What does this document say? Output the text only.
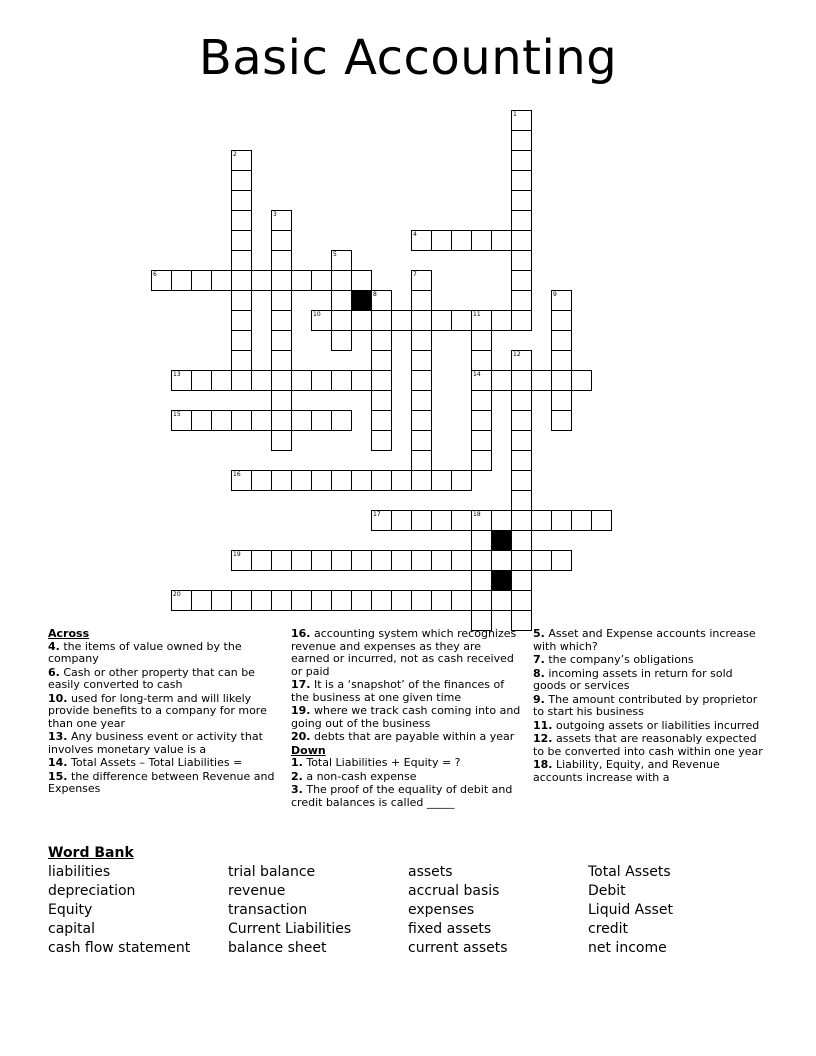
Basic Accounting
1
2
3
4
5
6	7
8	9
10	11
14
12
13
15
16
17	18
19
20
Across
4. the items of value owned by the company
6. Cash or other property that can be easily converted to cash
10. used for long-term and will likely provide benefits to a company for more than one year
13. Any business event or activity that involves monetary value is a
14. Total Assets – Total Liabilities =
15. the difference between Revenue and Expenses
16. accounting system which recognizes revenue and expenses as they are earned or incurred, not as cash received or paid
17. It is a ‘snapshot’ of the finances of the business at one given time
19. where we track cash coming into and going out of the business
20. debts that are payable within a year
Down
1. Total Liabilities + Equity = ?
2. a non-cash expense
3. The proof of the equality of debit and credit balances is called _____
5. Asset and Expense accounts increase with which?
7. the company’s obligations
8. incoming assets in return for sold goods or services
9. The amount contributed by proprietor to start his business
11. outgoing assets or liabilities incurred
12. assets that are reasonably expected to be converted into cash within one year
18. Liability, Equity, and Revenue accounts increase with a
Word Bank
liabilities
depreciation
Equity
capital
cash flow statement
trial balance
revenue
transaction
Current Liabilities
balance sheet
assets
accrual basis
expenses
fixed assets
current assets
Total Assets
Debit
Liquid Asset
credit
net income
